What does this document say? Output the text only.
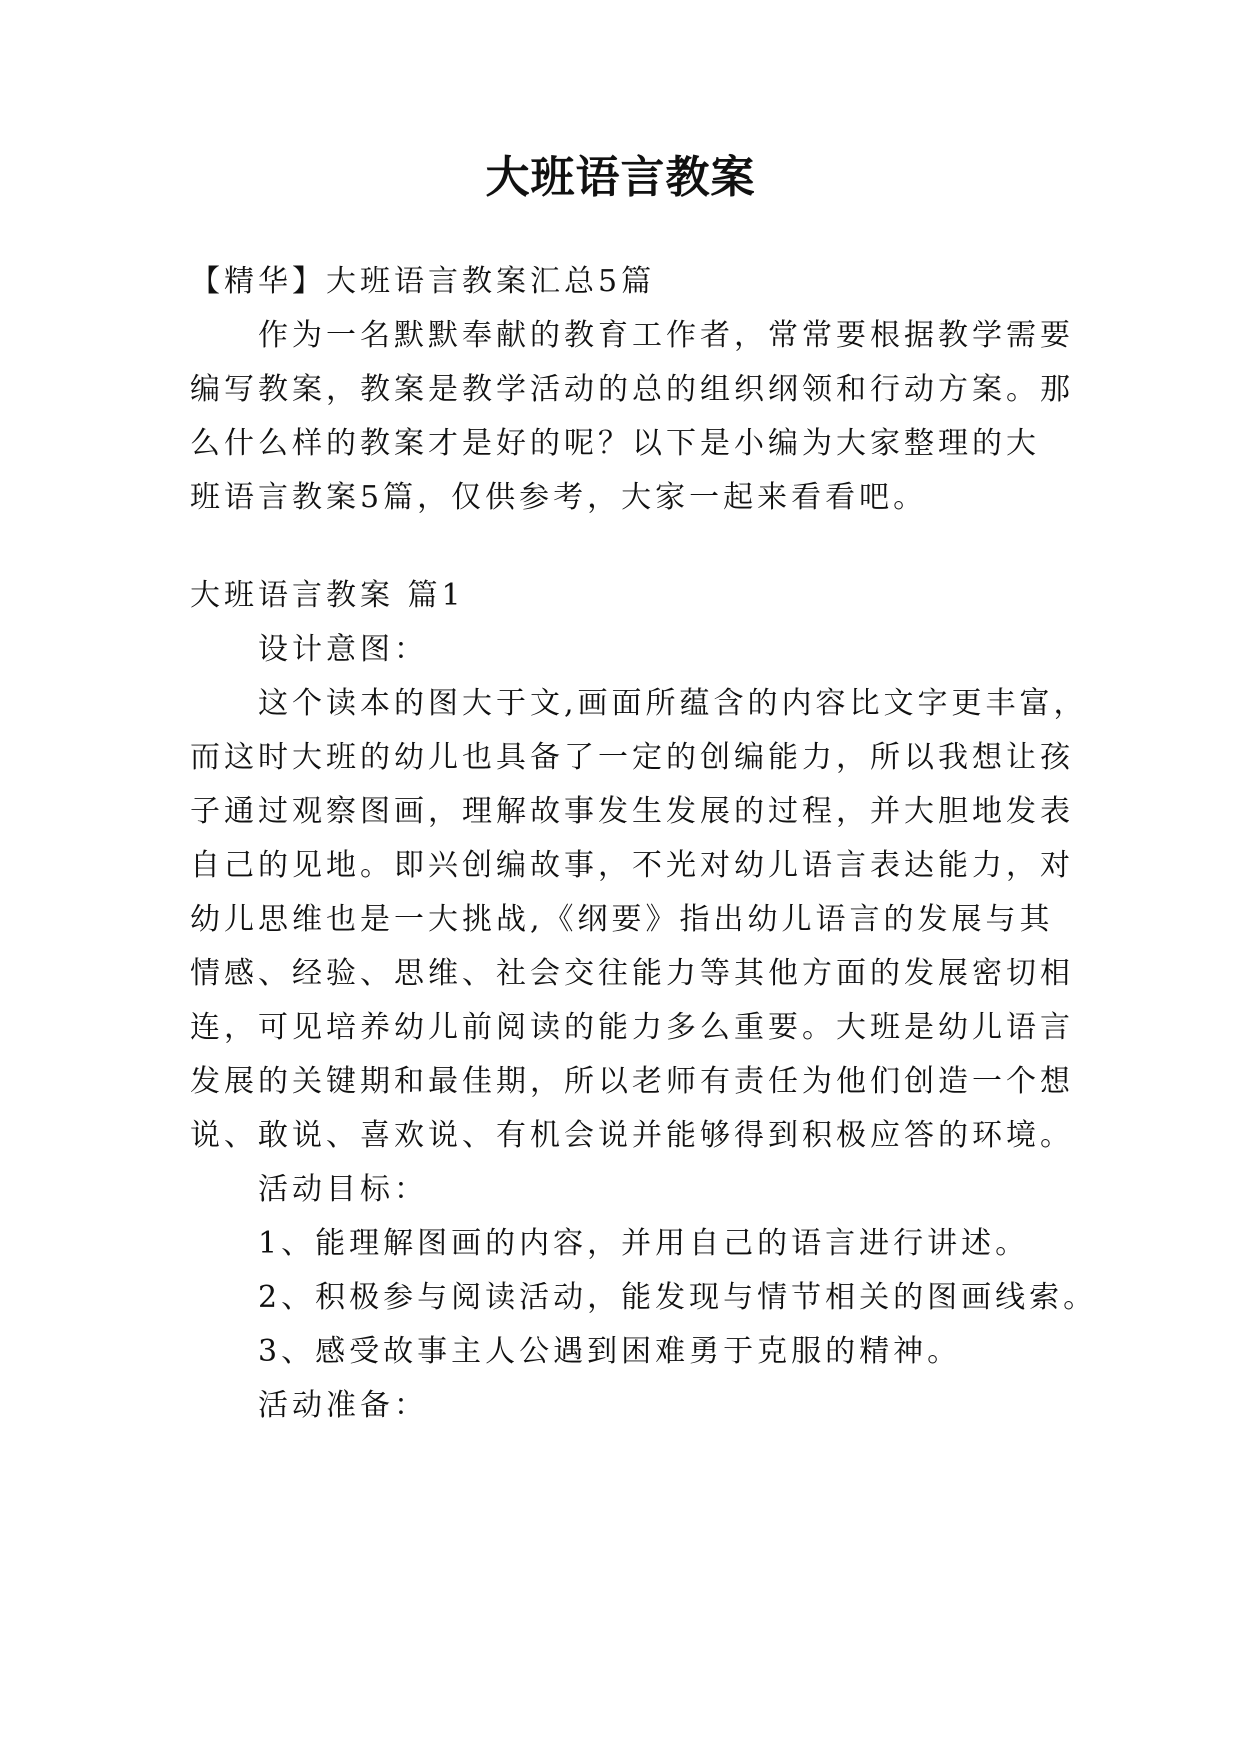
大班语言教案
【精华】大班语言教案汇总5篇
作为一名默默奉献的教育工作者，常常要根据教学需要
编写教案，教案是教学活动的总的组织纲领和行动方案。那
么什么样的教案才是好的呢？以下是小编为大家整理的大
班语言教案5篇，仅供参考，大家一起来看看吧。
大班语言教案 篇1
设计意图：
这个读本的图大于文,画面所蕴含的内容比文字更丰富，
而这时大班的幼儿也具备了一定的创编能力，所以我想让孩
子通过观察图画，理解故事发生发展的过程，并大胆地发表
自己的见地。即兴创编故事，不光对幼儿语言表达能力，对
幼儿思维也是一大挑战,《纲要》指出幼儿语言的发展与其
情感、经验、思维、社会交往能力等其他方面的发展密切相
连，可见培养幼儿前阅读的能力多么重要。大班是幼儿语言
发展的关键期和最佳期，所以老师有责任为他们创造一个想
说、敢说、喜欢说、有机会说并能够得到积极应答的环境。
活动目标：
1、能理解图画的内容，并用自己的语言进行讲述。
2、积极参与阅读活动，能发现与情节相关的图画线索。
3、感受故事主人公遇到困难勇于克服的精神。
活动准备：
